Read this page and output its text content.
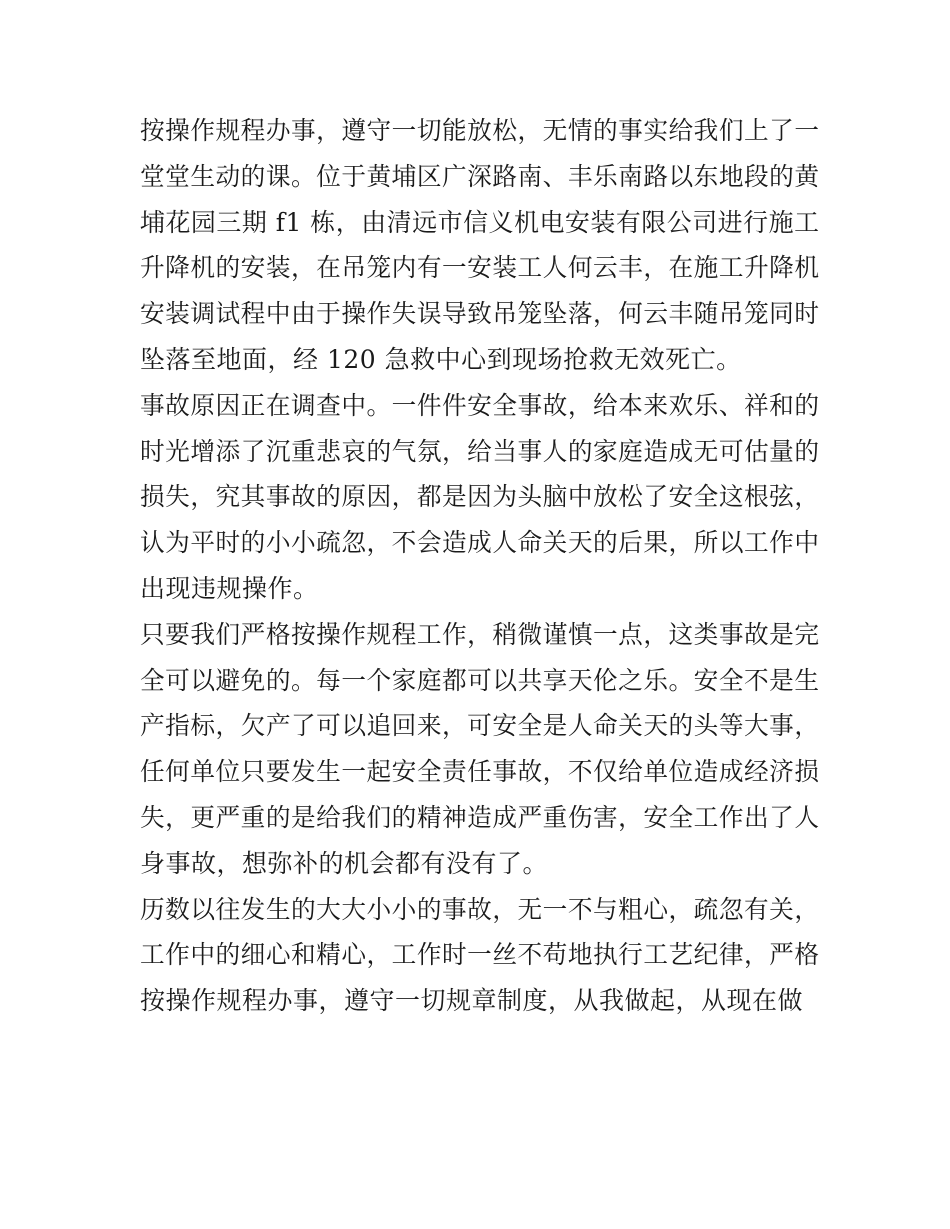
按操作规程办事，遵守一切能放松，无情的事实给我们上了一
堂堂生动的课。位于黄埔区广深路南、丰乐南路以东地段的黄
埔花园三期 f1 栋，由清远市信义机电安装有限公司进行施工
升降机的安装，在吊笼内有一安装工人何云丰，在施工升降机
安装调试程中由于操作失误导致吊笼坠落，何云丰随吊笼同时
坠落至地面，经 120 急救中心到现场抢救无效死亡。
事故原因正在调查中。一件件安全事故，给本来欢乐、祥和的
时光增添了沉重悲哀的气氛，给当事人的家庭造成无可估量的
损失，究其事故的原因，都是因为头脑中放松了安全这根弦，
认为平时的小小疏忽，不会造成人命关天的后果，所以工作中
出现违规操作。
只要我们严格按操作规程工作，稍微谨慎一点，这类事故是完
全可以避免的。每一个家庭都可以共享天伦之乐。安全不是生
产指标，欠产了可以追回来，可安全是人命关天的头等大事，
任何单位只要发生一起安全责任事故，不仅给单位造成经济损
失，更严重的是给我们的精神造成严重伤害，安全工作出了人
身事故，想弥补的机会都有没有了。
历数以往发生的大大小小的事故，无一不与粗心，疏忽有关，
工作中的细心和精心，工作时一丝不苟地执行工艺纪律，严格
按操作规程办事，遵守一切规章制度，从我做起，从现在做
